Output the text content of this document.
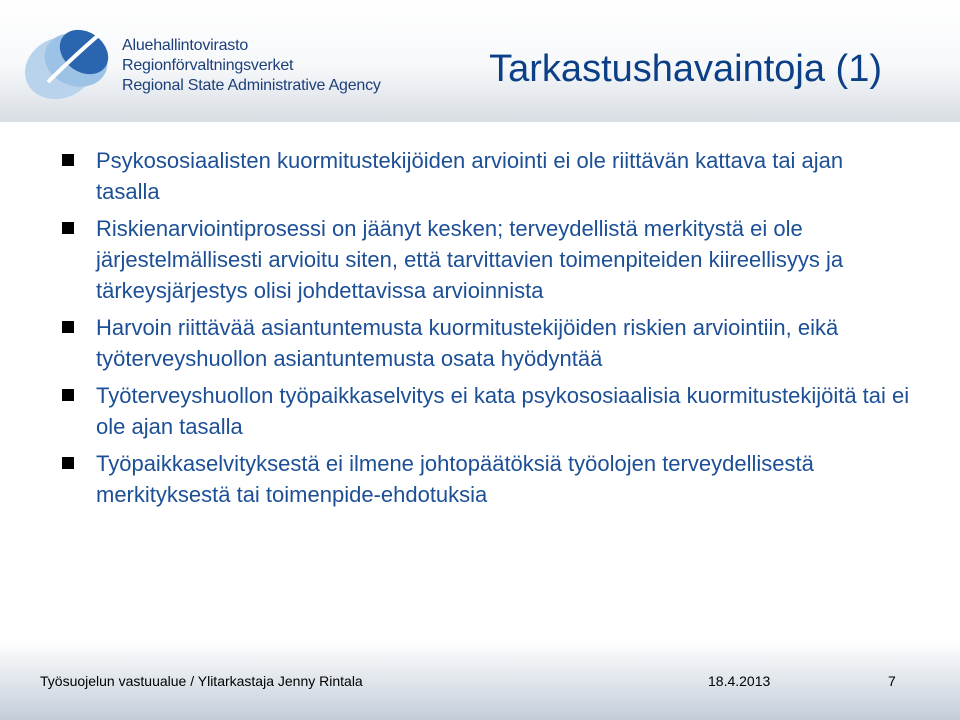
Aluehallintovirasto
Regionförvaltningsverket
Regional State Administrative Agency	Tarkastushavaintoja (1)
Psykososiaalisten kuormitustekijöiden arviointi ei ole riittävän kattava tai ajan tasalla
Riskienarviointiprosessi on jäänyt kesken; terveydellistä merkitystä ei ole järjestelmällisesti arvioitu siten, että tarvittavien toimenpiteiden kiireellisyys ja tärkeysjärjestys olisi johdettavissa arvioinnista
Harvoin riittävää asiantuntemusta kuormitustekijöiden riskien arviointiin, eikä työterveyshuollon asiantuntemusta osata hyödyntää
Työterveyshuollon työpaikkaselvitys ei kata psykososiaalisia kuormitustekijöitä tai ei ole ajan tasalla
Työpaikkaselvityksestä ei ilmene johtopäätöksiä työolojen terveydellisestä merkityksestä tai toimenpide-ehdotuksia
Työsuojelun vastuualue / Ylitarkastaja Jenny Rintala	18.4.2013	7
